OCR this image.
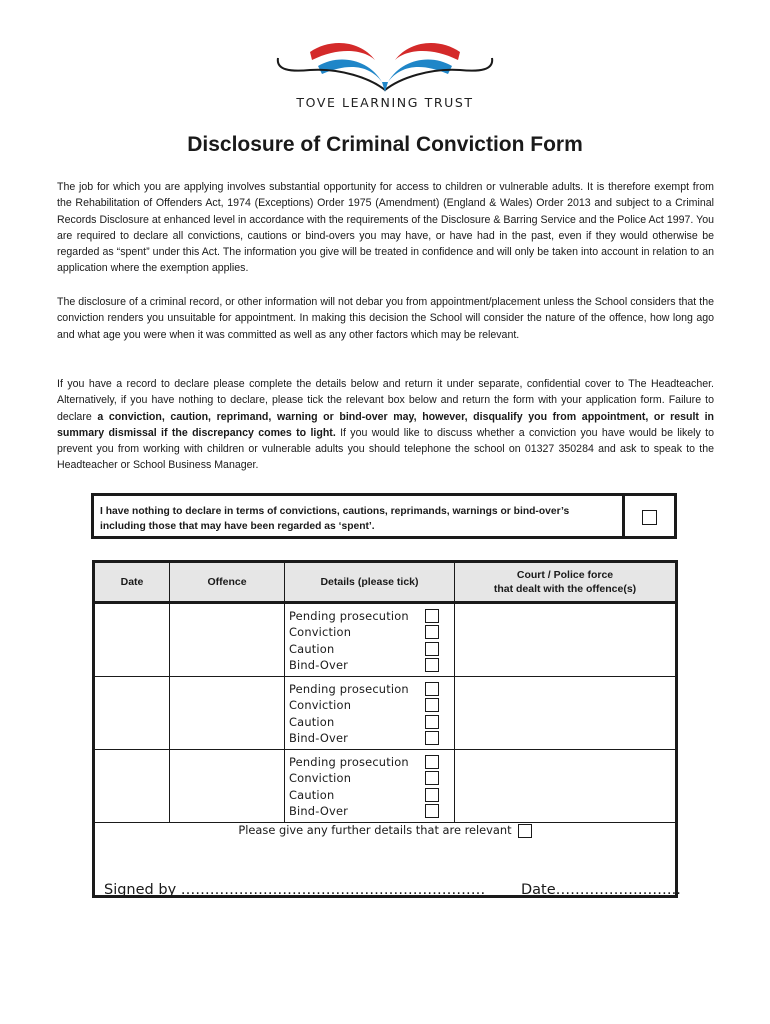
TOVE LEARNING TRUST
Disclosure of Criminal Conviction Form

The job for which you are applying involves substantial opportunity for access to children or vulnerable adults. It is therefore exempt from the Rehabilitation of Offenders Act, 1974 (Exceptions) Order 1975 (Amendment) (England & Wales) Order 2013 and subject to a Criminal Records Disclosure at enhanced level in accordance with the requirements of the Disclosure & Barring Service and the Police Act 1997. You are required to declare all convictions, cautions or bind-overs you may have, or have had in the past, even if they would otherwise be regarded as “spent” under this Act. The information you give will be treated in confidence and will only be taken into account in relation to an application where the exemption applies.

The disclosure of a criminal record, or other information will not debar you from appointment/placement unless the School considers that the conviction renders you unsuitable for appointment. In making this decision the School will consider the nature of the offence, how long ago and what age you were when it was committed as well as any other factors which may be relevant.

If you have a record to declare please complete the details below and return it under separate, confidential cover to The Headteacher. Alternatively, if you have nothing to declare, please tick the relevant box below and return the form with your application form. Failure to declare a conviction, caution, reprimand, warning or bind-over may, however, disqualify you from appointment, or result in summary dismissal if the discrepancy comes to light. If you would like to discuss whether a conviction you have would be likely to prevent you from working with children or vulnerable adults you should telephone the school on 01327 350284 and ask to speak to the Headteacher or School Business Manager.

I have nothing to declare in terms of convictions, cautions, reprimands, warnings or bind-over’s including those that may have been regarded as ‘spent’.
Date	Offence	Details (please tick)	Court / Police force
that dealt with the offence(s)

		Pending prosecution
Conviction
Caution
Bind-Over	

		Pending prosecution
Conviction
Caution
Bind-Over	

		Pending prosecution
Conviction
Caution
Bind-Over	

Please give any further details that are relevant			
Signed by ……………………………………………………… Date……………………..
